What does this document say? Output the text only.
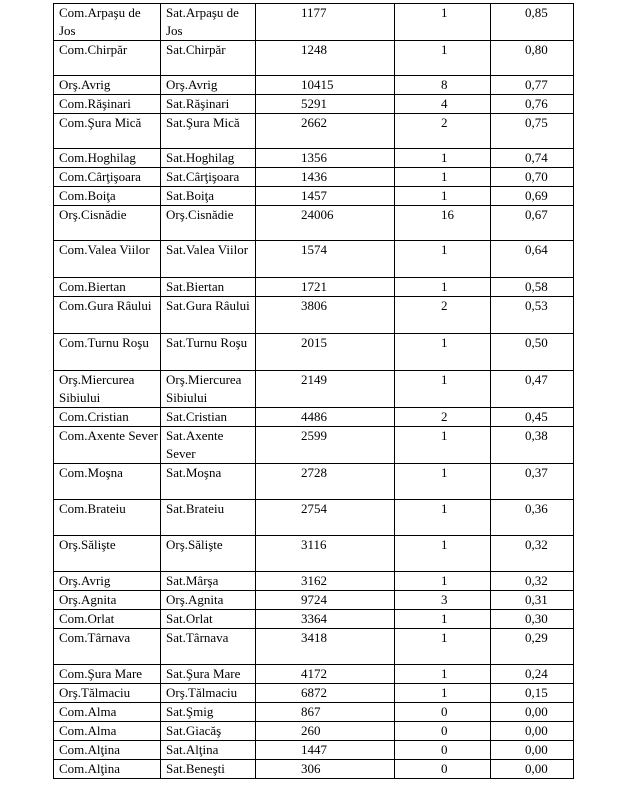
Com.Arpaşu de Jos	Sat.Arpaşu de Jos	1177	1	0,85
Com.Chirpăr	Sat.Chirpăr	1248	1	0,80
Orş.Avrig	Orş.Avrig	10415	8	0,77
Com.Răşinari	Sat.Răşinari	5291	4	0,76
Com.Şura Mică	Sat.Şura Mică	2662	2	0,75
Com.Hoghilag	Sat.Hoghilag	1356	1	0,74
Com.Cârţişoara	Sat.Cârţişoara	1436	1	0,70
Com.Boiţa	Sat.Boiţa	1457	1	0,69
Orş.Cisnădie	Orş.Cisnădie	24006	16	0,67
Com.Valea Viilor	Sat.Valea Viilor	1574	1	0,64
Com.Biertan	Sat.Biertan	1721	1	0,58
Com.Gura Râului	Sat.Gura Râului	3806	2	0,53
Com.Turnu Roşu	Sat.Turnu Roşu	2015	1	0,50
Orş.Miercurea Sibiului	Orş.Miercurea Sibiului	2149	1	0,47
Com.Cristian	Sat.Cristian	4486	2	0,45
Com.Axente Sever	Sat.Axente Sever	2599	1	0,38
Com.Moşna	Sat.Moşna	2728	1	0,37
Com.Brateiu	Sat.Brateiu	2754	1	0,36
Orş.Sălişte	Orş.Sălişte	3116	1	0,32
Orş.Avrig	Sat.Mârşa	3162	1	0,32
Orş.Agnita	Orş.Agnita	9724	3	0,31
Com.Orlat	Sat.Orlat	3364	1	0,30
Com.Târnava	Sat.Târnava	3418	1	0,29
Com.Şura Mare	Sat.Şura Mare	4172	1	0,24
Orş.Tălmaciu	Orş.Tălmaciu	6872	1	0,15
Com.Alma	Sat.Şmig	867	0	0,00
Com.Alma	Sat.Giacăş	260	0	0,00
Com.Alţina	Sat.Alţina	1447	0	0,00
Com.Alţina	Sat.Beneşti	306	0	0,00
